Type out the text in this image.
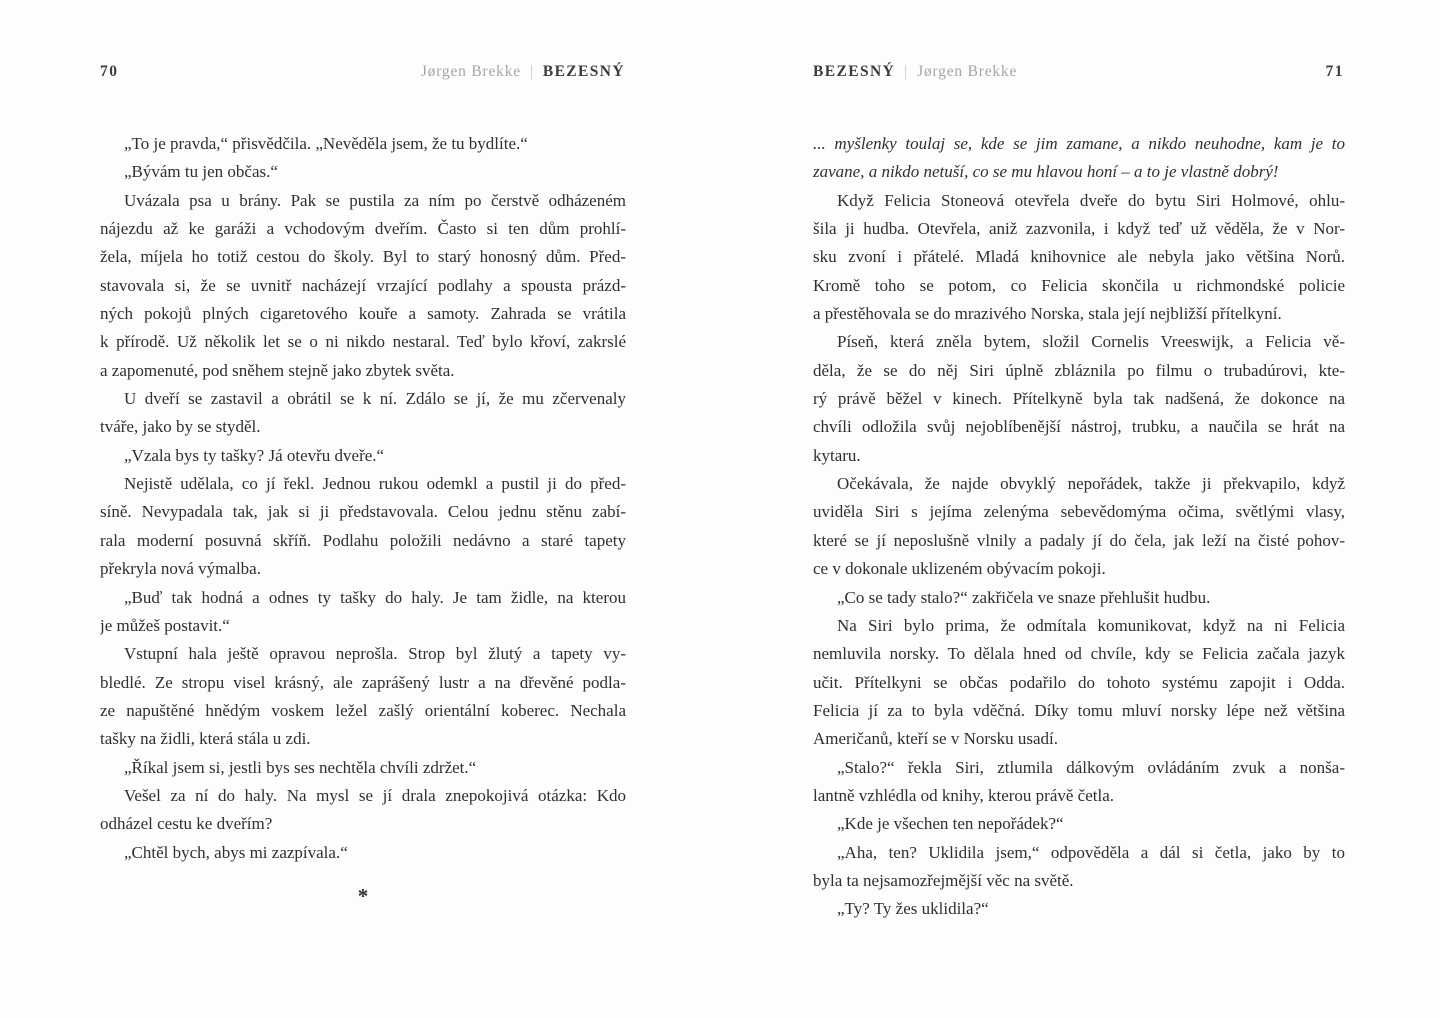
70	Jørgen Brekke | BEZESNÝ
„To je pravda,“ přisvědčila. „Nevěděla jsem, že tu bydlíte.“
„Bývám tu jen občas.“
Uvázala psa u brány. Pak se pustila za ním po čerstvě odházeném
nájezdu až ke garáži a vchodovým dveřím. Často si ten dům prohlí-
žela, míjela ho totiž cestou do školy. Byl to starý honosný dům. Před-
stavovala si, že se uvnitř nacházejí vrzající podlahy a spousta prázd-
ných pokojů plných cigaretového kouře a samoty. Zahrada se vrátila
k přírodě. Už několik let se o ni nikdo nestaral. Teď bylo křoví, zakrslé
a zapomenuté, pod sněhem stejně jako zbytek světa.
U dveří se zastavil a obrátil se k ní. Zdálo se jí, že mu zčervenaly
tváře, jako by se styděl.
„Vzala bys ty tašky? Já otevřu dveře.“
Nejistě udělala, co jí řekl. Jednou rukou odemkl a pustil ji do před-
síně. Nevypadala tak, jak si ji představovala. Celou jednu stěnu zabí-
rala moderní posuvná skříň. Podlahu položili nedávno a staré tapety
překryla nová výmalba.
„Buď tak hodná a odnes ty tašky do haly. Je tam židle, na kterou
je můžeš postavit.“
Vstupní hala ještě opravou neprošla. Strop byl žlutý a tapety vy-
bledlé. Ze stropu visel krásný, ale zaprášený lustr a na dřevěné podla-
ze napuštěné hnědým voskem ležel zašlý orientální koberec. Nechala
tašky na židli, která stála u zdi.
„Říkal jsem si, jestli bys ses nechtěla chvíli zdržet.“
Vešel za ní do haly. Na mysl se jí drala znepokojivá otázka: Kdo
odházel cestu ke dveřím?
„Chtěl bych, abys mi zazpívala.“
*
BEZESNÝ | Jørgen Brekke	71
... myšlenky toulaj se, kde se jim zamane, a nikdo neuhodne, kam je to
zavane, a nikdo netuší, co se mu hlavou honí – a to je vlastně dobrý!
Když Felicia Stoneová otevřela dveře do bytu Siri Holmové, ohlu-
šila ji hudba. Otevřela, aniž zazvonila, i když teď už věděla, že v Nor-
sku zvoní i přátelé. Mladá knihovnice ale nebyla jako většina Norů.
Kromě toho se potom, co Felicia skončila u richmondské policie
a přestěhovala se do mrazivého Norska, stala její nejbližší přítelkyní.
Píseň, která zněla bytem, složil Cornelis Vreeswijk, a Felicia vě-
děla, že se do něj Siri úplně zbláznila po filmu o trubadúrovi, kte-
rý právě běžel v kinech. Přítelkyně byla tak nadšená, že dokonce na
chvíli odložila svůj nejoblíbenější nástroj, trubku, a naučila se hrát na
kytaru.
Očekávala, že najde obvyklý nepořádek, takže ji překvapilo, když
uviděla Siri s jejíma zelenýma sebevědomýma očima, světlými vlasy,
které se jí neposlušně vlnily a padaly jí do čela, jak leží na čisté pohov-
ce v dokonale uklizeném obývacím pokoji.
„Co se tady stalo?“ zakřičela ve snaze přehlušit hudbu.
Na Siri bylo prima, že odmítala komunikovat, když na ni Felicia
nemluvila norsky. To dělala hned od chvíle, kdy se Felicia začala jazyk
učit. Přítelkyni se občas podařilo do tohoto systému zapojit i Odda.
Felicia jí za to byla vděčná. Díky tomu mluví norsky lépe než většina
Američanů, kteří se v Norsku usadí.
„Stalo?“ řekla Siri, ztlumila dálkovým ovládáním zvuk a nonša-
lantně vzhlédla od knihy, kterou právě četla.
„Kde je všechen ten nepořádek?“
„Aha, ten? Uklidila jsem,“ odpověděla a dál si četla, jako by to
byla ta nejsamozřejmější věc na světě.
„Ty? Ty žes uklidila?“
